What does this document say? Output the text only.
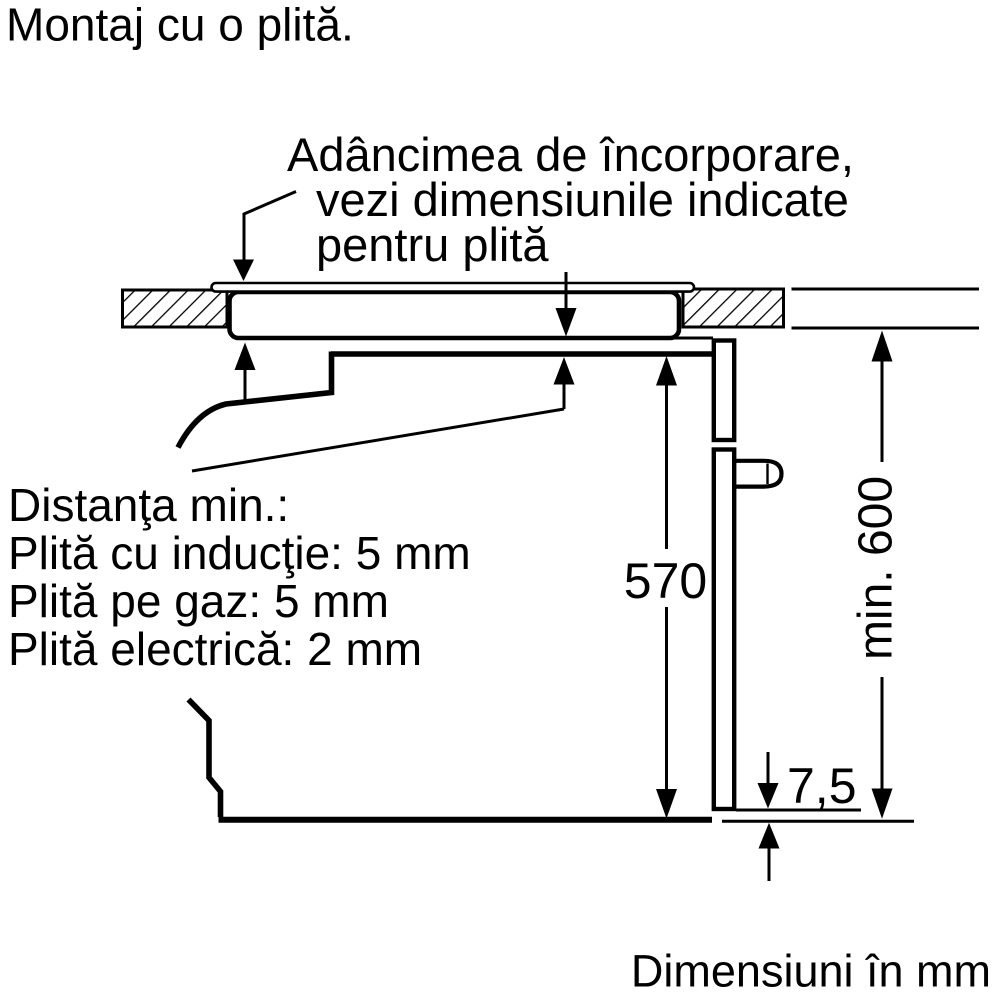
Montaj cu o plită.
Adâncimea de încorporare,
vezi dimensiunile indicate
pentru plită
Distanţa min.:
Plită cu inducţie: 5 mm
Plită pe gaz: 5 mm
Plită electrică: 2 mm
570	min. 600
7,5
Dimensiuni în mm
